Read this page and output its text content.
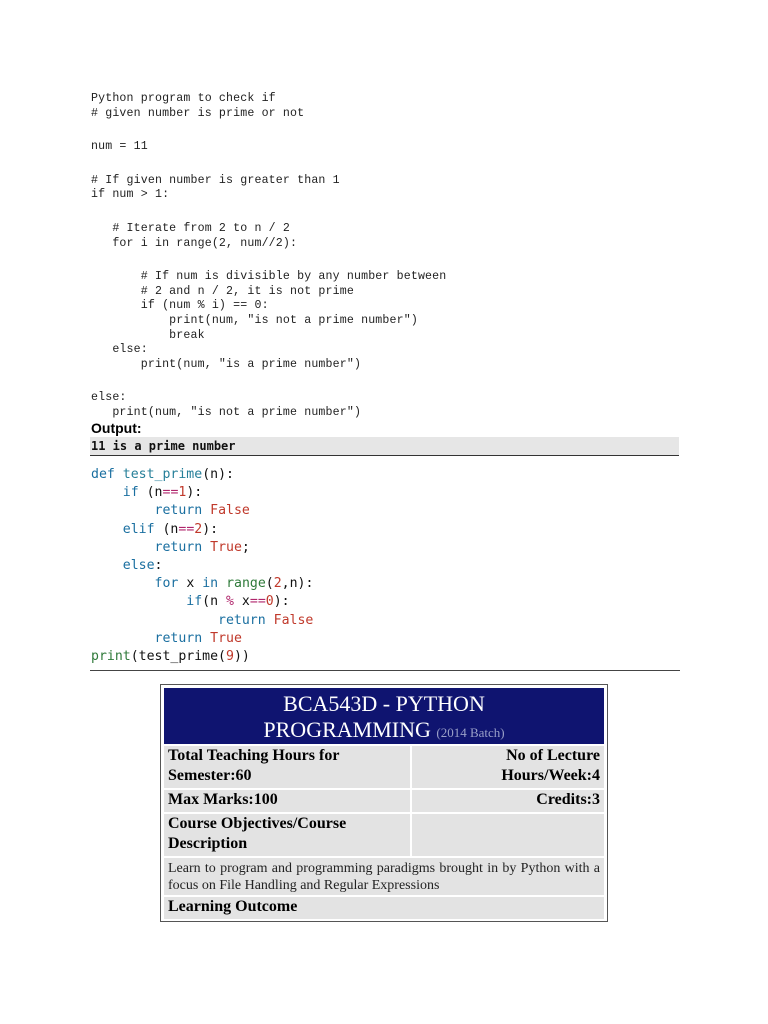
Python program to check if
# given number is prime or not
num = 11
# If given number is greater than 1
if num > 1:
# Iterate from 2 to n / 2
for i in range(2, num//2):
# If num is divisible by any number between
# 2 and n / 2, it is not prime
if (num % i) == 0:
print(num, "is not a prime number")
break
else:
print(num, "is a prime number")
else:
print(num, "is not a prime number")
Output:
11 is a prime number
def test_prime(n):
if (n==1):
return False
elif (n==2):
return True;
else:
for x in range(2,n):
if(n % x==0):
return False
return True
print(test_prime(9))
BCA543D - PYTHON
PROGRAMMING (2014 Batch)
Total Teaching Hours for Semester:60
No of Lecture Hours/Week:4
Max Marks:100	Credits:3
Course Objectives/Course Description
Learn to program and programming paradigms brought in by Python with a focus on File Handling and Regular Expressions
Learning Outcome
